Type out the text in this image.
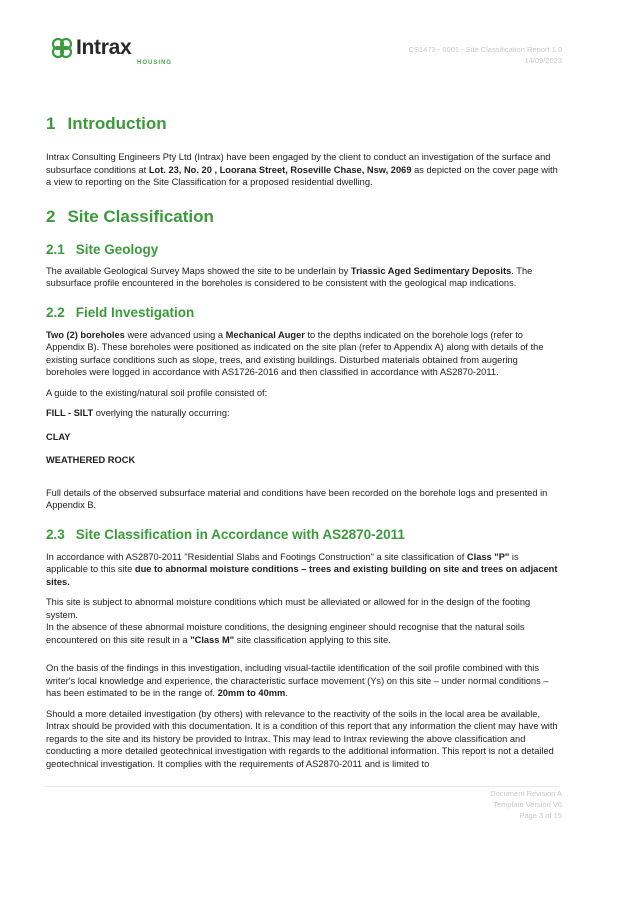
Intrax
HOUSING
CS1473 - 0001 - Site Classification Report 1.0
14/09/2023
1 Introduction

Intrax Consulting Engineers Pty Ltd (Intrax) have been engaged by the client to conduct an investigation of the surface and subsurface conditions at Lot. 23, No. 20 , Loorana Street, Roseville Chase, Nsw, 2069 as depicted on the cover page with a view to reporting on the Site Classification for a proposed residential dwelling.

2 Site Classification
2.1 Site Geology

The available Geological Survey Maps showed the site to be underlain by Triassic Aged Sedimentary Deposits. The subsurface profile encountered in the boreholes is considered to be consistent with the geological map indications.

2.2 Field Investigation

Two (2) boreholes were advanced using a Mechanical Auger to the depths indicated on the borehole logs (refer to Appendix B). These boreholes were positioned as indicated on the site plan (refer to Appendix A) along with details of the existing surface conditions such as slope, trees, and existing buildings. Disturbed materials obtained from augering boreholes were logged in accordance with AS1726-2016 and then classified in accordance with AS2870-2011.

A guide to the existing/natural soil profile consisted of:

FILL - SILT overlying the naturally occurring:

CLAY

WEATHERED ROCK

Full details of the observed subsurface material and conditions have been recorded on the borehole logs and presented in Appendix B.

2.3 Site Classification in Accordance with AS2870-2011

In accordance with AS2870-2011 "Residential Slabs and Footings Construction" a site classification of Class "P" is applicable to this site due to abnormal moisture conditions – trees and existing building on site and trees on adjacent sites.

This site is subject to abnormal moisture conditions which must be alleviated or allowed for in the design of the footing system.

In the absence of these abnormal moisture conditions, the designing engineer should recognise that the natural soils encountered on this site result in a "Class M" site classification applying to this site.

On the basis of the findings in this investigation, including visual-tactile identification of the soil profile combined with this writer's local knowledge and experience, the characteristic surface movement (Ys) on this site – under normal conditions – has been estimated to be in the range of. 20mm to 40mm.

Should a more detailed investigation (by others) with relevance to the reactivity of the soils in the local area be available, Intrax should be provided with this documentation. It is a condition of this report that any information the client may have with regards to the site and its history be provided to Intrax. This may lead to Intrax reviewing the above classification and conducting a more detailed geotechnical investigation with regards to the additional information. This report is not a detailed geotechnical investigation. It complies with the requirements of AS2870-2011 and is limited to

Document Revision A
Template Version V6
Page 3 of 15
